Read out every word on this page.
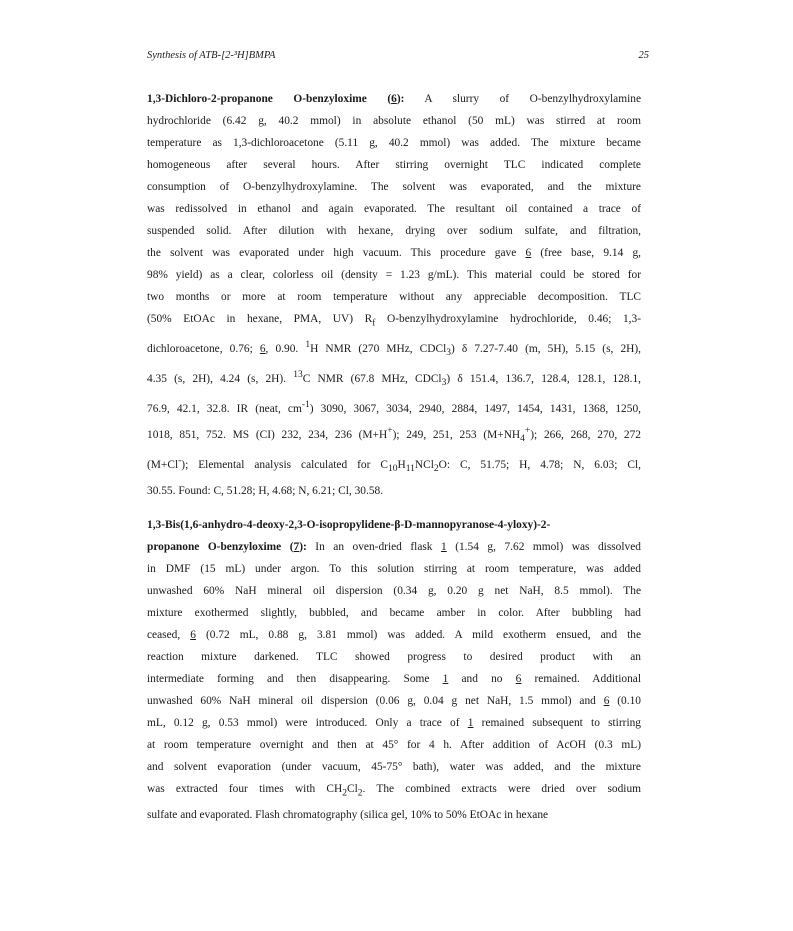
Synthesis of ATB-[2-³H]BMPA	25
1,3-Dichloro-2-propanone O-benzyloxime (6): A slurry of O-benzylhydroxylamine
hydrochloride (6.42 g, 40.2 mmol) in absolute ethanol (50 mL) was stirred at room
temperature as 1,3-dichloroacetone (5.11 g, 40.2 mmol) was added. The mixture became
homogeneous after several hours. After stirring overnight TLC indicated complete
consumption of O-benzylhydroxylamine. The solvent was evaporated, and the mixture
was redissolved in ethanol and again evaporated. The resultant oil contained a trace of
suspended solid. After dilution with hexane, drying over sodium sulfate, and filtration,
the solvent was evaporated under high vacuum. This procedure gave 6 (free base, 9.14 g,
98% yield) as a clear, colorless oil (density = 1.23 g/mL). This material could be stored for
two months or more at room temperature without any appreciable decomposition. TLC
(50% EtOAc in hexane, PMA, UV) $R_f$ O-benzylhydroxylamine hydrochloride, 0.46; 1,3-
dichloroacetone, 0.76; 6, 0.90. $^1$H NMR (270 MHz, CDCl$_3$) δ 7.27-7.40 (m, 5H), 5.15 (s, 2H),
4.35 (s, 2H), 4.24 (s, 2H). $^{13}$C NMR (67.8 MHz, CDCl$_3$) δ 151.4, 136.7, 128.4, 128.1, 128.1,
76.9, 42.1, 32.8. IR (neat, $cm^{-1}$) 3090, 3067, 3034, 2940, 2884, 1497, 1454, 1431, 1368, 1250,
1018, 851, 752. MS (CI) 232, 234, 236 (M+H+); 249, 251, 253 $(M+NH_4^+)$; 266, 268, 270, 272
(M+Cl-); Elemental analysis calculated for $C_{10}H_{11}NCl_2O$: C, 51.75; H, 4.78; N, 6.03; Cl,
30.55. Found: C, 51.28; H, 4.68; N, 6.21; Cl, 30.58.
1,3-Bis(1,6-anhydro-4-deoxy-2,3-O-isopropylidene-β-D-mannopyranose-4-yloxy)-2-
propanone O-benzyloxime (7): In an oven-dried flask 1 (1.54 g, 7.62 mmol) was dissolved
in DMF (15 mL) under argon. To this solution stirring at room temperature, was added
unwashed 60% NaH mineral oil dispersion (0.34 g, 0.20 g net NaH, 8.5 mmol). The
mixture exothermed slightly, bubbled, and became amber in color. After bubbling had
ceased, 6 (0.72 mL, 0.88 g, 3.81 mmol) was added. A mild exotherm ensued, and the
reaction mixture darkened. TLC showed progress to desired product with an
intermediate forming and then disappearing. Some 1 and no 6 remained. Additional
unwashed 60% NaH mineral oil dispersion (0.06 g, 0.04 g net NaH, 1.5 mmol) and 6 (0.10
mL, 0.12 g, 0.53 mmol) were introduced. Only a trace of 1 remained subsequent to stirring
at room temperature overnight and then at 45° for 4 h. After addition of AcOH (0.3 mL)
and solvent evaporation (under vacuum, 45-75° bath), water was added, and the mixture
was extracted four times with $CH_2Cl_2$. The combined extracts were dried over sodium
sulfate and evaporated. Flash chromatography (silica gel, 10% to 50% EtOAc in hexane
